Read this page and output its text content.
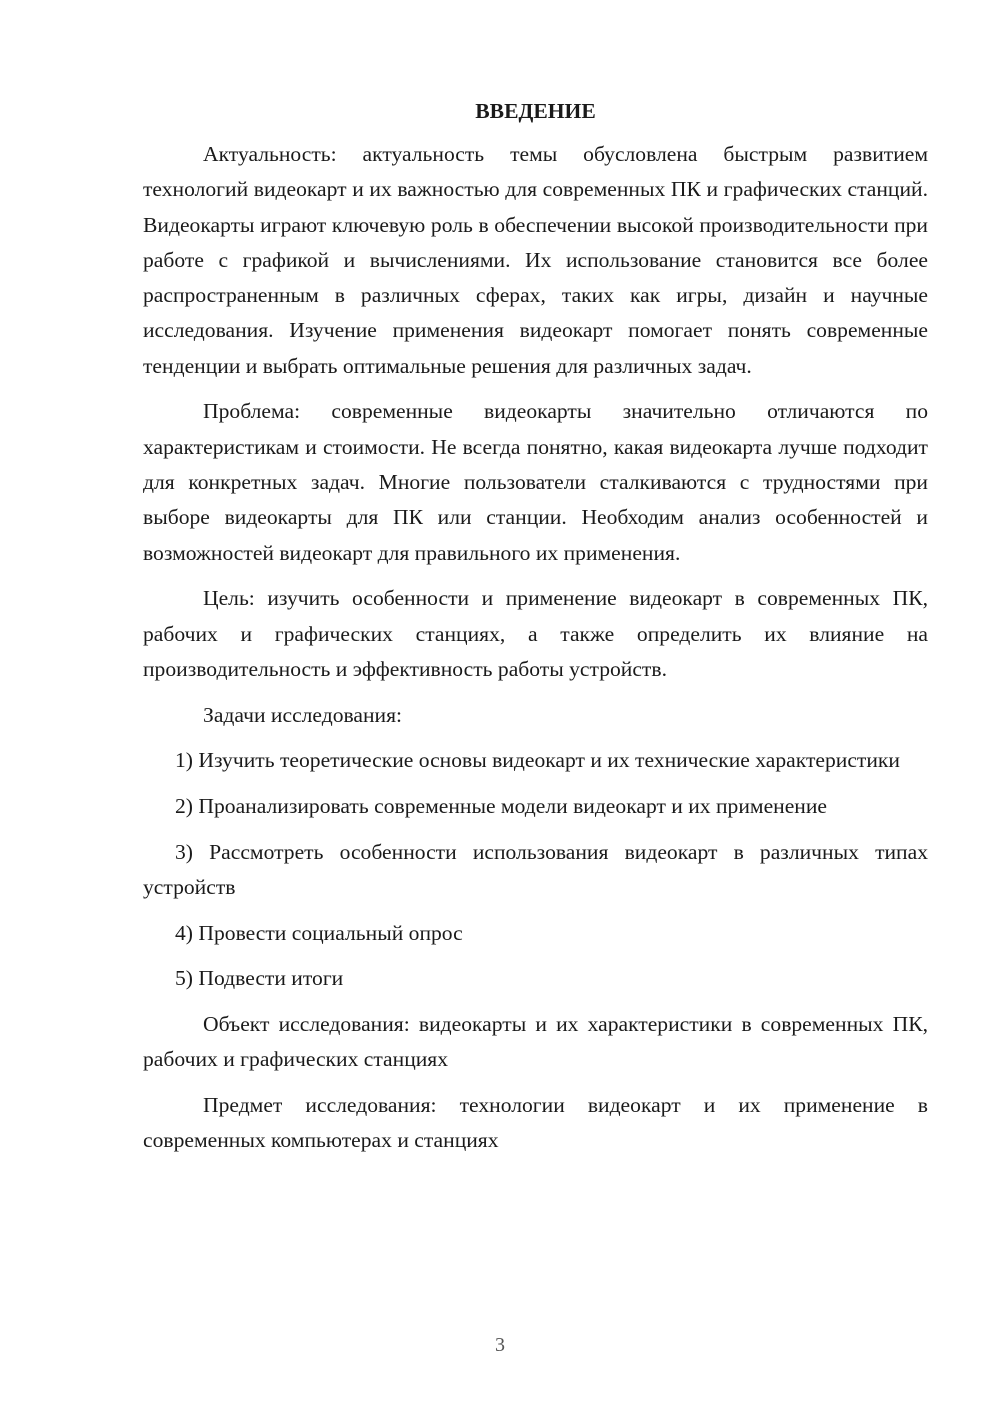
ВВЕДЕНИЕ

Актуальность: актуальность темы обусловлена быстрым развитием технологий видеокарт и их важностью для современных ПК и графических станций. Видеокарты играют ключевую роль в обеспечении высокой производительности при работе с графикой и вычислениями. Их использование становится все более распространенным в различных сферах, таких как игры, дизайн и научные исследования. Изучение применения видеокарт помогает понять современные тенденции и выбрать оптимальные решения для различных задач.

Проблема: современные видеокарты значительно отличаются по характеристикам и стоимости. Не всегда понятно, какая видеокарта лучше подходит для конкретных задач. Многие пользователи сталкиваются с трудностями при выборе видеокарты для ПК или станции. Необходим анализ особенностей и возможностей видеокарт для правильного их применения.

Цель: изучить особенности и применение видеокарт в современных ПК, рабочих и графических станциях, а также определить их влияние на производительность и эффективность работы устройств.

Задачи исследования:

1) Изучить теоретические основы видеокарт и их технические характеристики

2) Проанализировать современные модели видеокарт и их применение

3) Рассмотреть особенности использования видеокарт в различных типах устройств

4) Провести социальный опрос

5) Подвести итоги

Объект исследования: видеокарты и их характеристики в современных ПК, рабочих и графических станциях

Предмет исследования: технологии видеокарт и их применение в современных компьютерах и станциях

3
